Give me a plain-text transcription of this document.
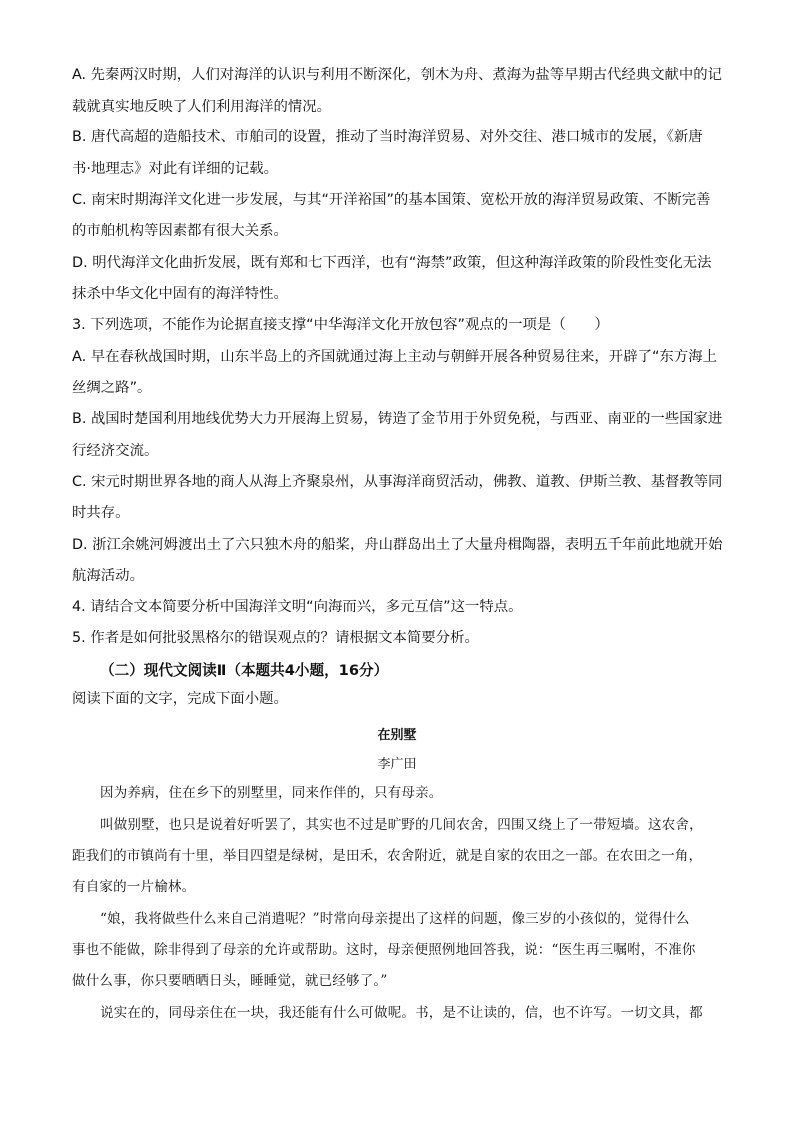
A. 先秦两汉时期，人们对海洋的认识与利用不断深化，刳木为舟、煮海为盐等早期古代经典文献中的记
载就真实地反映了人们利用海洋的情况。
B. 唐代高超的造船技术、市舶司的设置，推动了当时海洋贸易、对外交往、港口城市的发展，《新唐
书·地理志》对此有详细的记载。
C. 南宋时期海洋文化进一步发展，与其“开洋裕国”的基本国策、宽松开放的海洋贸易政策、不断完善
的市舶机构等因素都有很大关系。
D. 明代海洋文化曲折发展，既有郑和七下西洋，也有“海禁”政策，但这种海洋政策的阶段性变化无法
抹杀中华文化中固有的海洋特性。
3. 下列选项，不能作为论据直接支撑“中华海洋文化开放包容”观点的一项是（　　）
A. 早在春秋战国时期，山东半岛上的齐国就通过海上主动与朝鲜开展各种贸易往来，开辟了“东方海上
丝绸之路”。
B. 战国时楚国利用地线优势大力开展海上贸易，铸造了金节用于外贸免税，与西亚、南亚的一些国家进
行经济交流。
C. 宋元时期世界各地的商人从海上齐聚泉州，从事海洋商贸活动，佛教、道教、伊斯兰教、基督教等同
时共存。
D. 浙江余姚河姆渡出土了六只独木舟的船桨，舟山群岛出土了大量舟楫陶器，表明五千年前此地就开始
航海活动。
4. 请结合文本简要分析中国海洋文明“向海而兴，多元互信”这一特点。
5. 作者是如何批驳黑格尔的错误观点的？请根据文本简要分析。
（二）现代文阅读Ⅱ（本题共4小题，16分）
阅读下面的文字，完成下面小题。
在别墅
李广田
因为养病，住在乡下的别墅里，同来作伴的，只有母亲。
叫做别墅，也只是说着好听罢了，其实也不过是旷野的几间农舍，四围又绕上了一带短墙。这农舍，
距我们的市镇尚有十里，举目四望是绿树，是田禾，农舍附近，就是自家的农田之一部。在农田之一角，
有自家的一片榆林。
“娘，我将做些什么来自己消遣呢？”时常向母亲提出了这样的问题，像三岁的小孩似的，觉得什么
事也不能做，除非得到了母亲的允许或帮助。这时，母亲便照例地回答我，说：“医生再三嘱咐，不准你
做什么事，你只要晒晒日头，睡睡觉，就已经够了。”
说实在的，同母亲住在一块，我还能有什么可做呢。书，是不让读的，信，也不许写。一切文具，都
